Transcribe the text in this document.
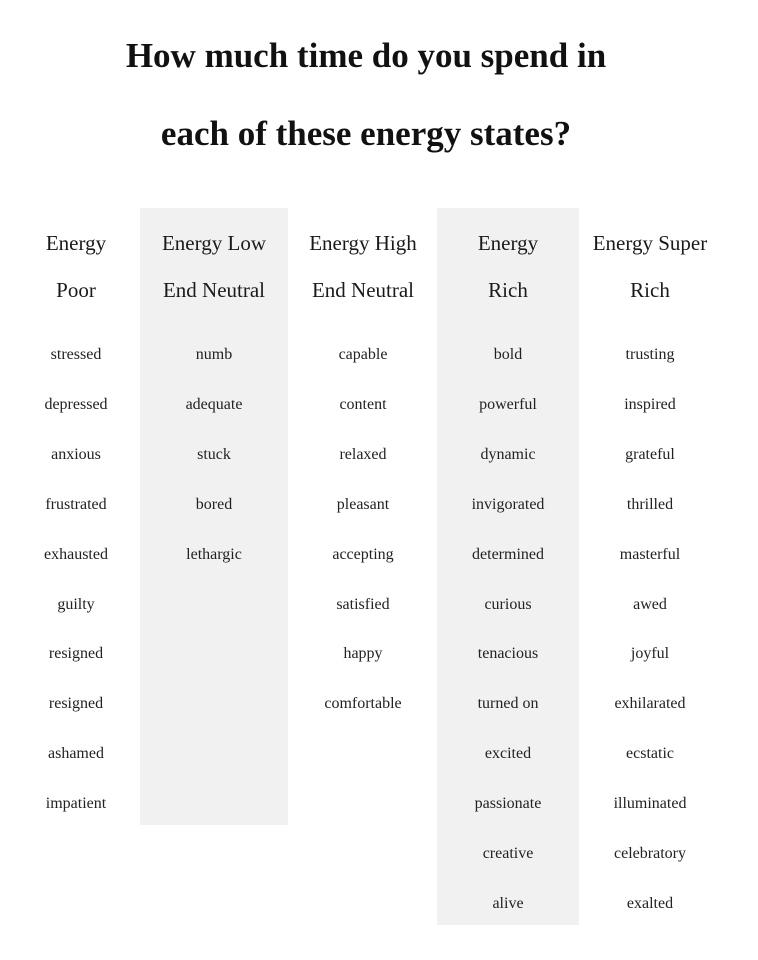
How much time do you spend in
each of these energy states?
Energy
Poor
stressed
depressed
anxious
frustrated
exhausted
guilty
resigned
resigned
ashamed
impatient
Energy Low
End Neutral
numb
adequate
stuck
bored
lethargic
Energy High
End Neutral
capable
content
relaxed
pleasant
accepting
satisfied
happy
comfortable
Energy
Rich
bold
powerful
dynamic
invigorated
determined
curious
tenacious
turned on
excited
passionate
creative
alive
Energy Super
Rich
trusting
inspired
grateful
thrilled
masterful
awed
joyful
exhilarated
ecstatic
illuminated
celebratory
exalted
